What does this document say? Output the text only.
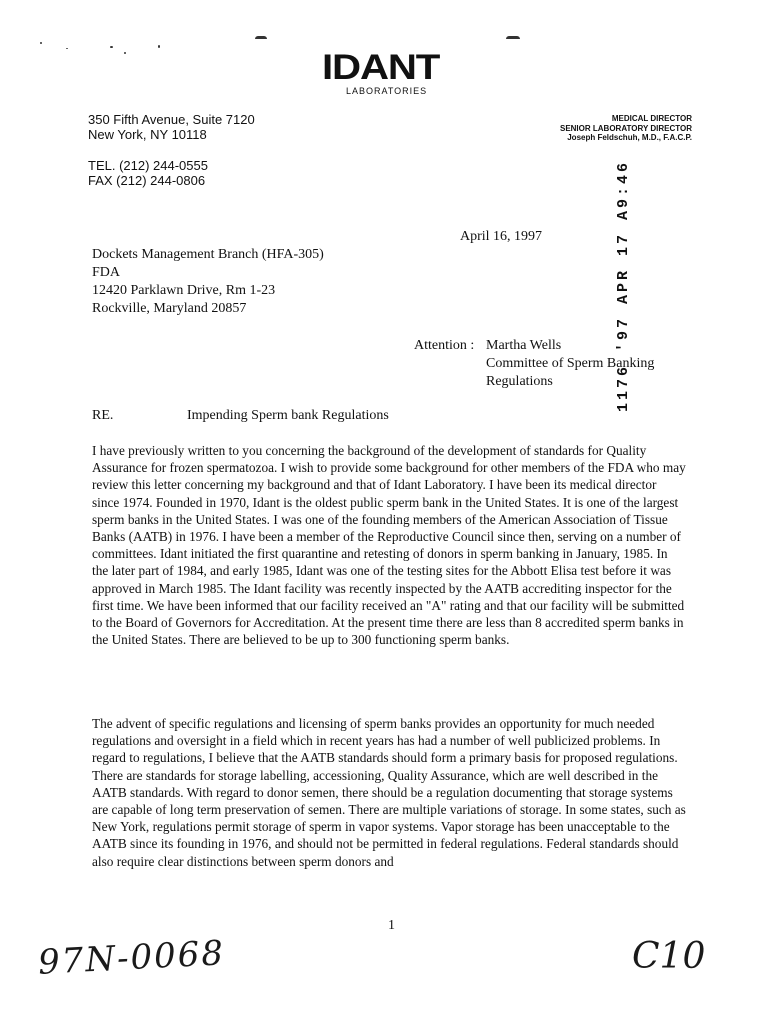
IDANT
LABORATORIES
350 Fifth Avenue, Suite 7120
New York, NY 10118
TEL. (212) 244-0555
FAX (212) 244-0806
MEDICAL DIRECTOR
SENIOR LABORATORY DIRECTOR
Joseph Feldschuh, M.D., F.A.C.P.
1176 '97 APR 17 A9:46
April 16, 1997
Dockets Management Branch (HFA-305)
FDA
12420 Parklawn Drive, Rm 1-23
Rockville, Maryland 20857
Attention : Martha Wells
Committee of Sperm Banking
Regulations
RE.	Impending Sperm bank Regulations
I have previously written to you concerning the background of the development of standards for Quality Assurance for frozen spermatozoa. I wish to provide some background for other members of the FDA who may review this letter concerning my background and that of Idant Laboratory. I have been its medical director since 1974. Founded in 1970, Idant is the oldest public sperm bank in the United States. It is one of the largest sperm banks in the United States. I was one of the founding members of the American Association of Tissue Banks (AATB) in 1976. I have been a member of the Reproductive Council since then, serving on a number of committees. Idant initiated the first quarantine and retesting of donors in sperm banking in January, 1985. In the later part of 1984, and early 1985, Idant was one of the testing sites for the Abbott Elisa test before it was approved in March 1985. The Idant facility was recently inspected by the AATB accrediting inspector for the first time. We have been informed that our facility received an "A" rating and that our facility will be submitted to the Board of Governors for Accreditation. At the present time there are less than 8 accredited sperm banks in the United States. There are believed to be up to 300 functioning sperm banks.
The advent of specific regulations and licensing of sperm banks provides an opportunity for much needed regulations and oversight in a field which in recent years has had a number of well publicized problems. In regard to regulations, I believe that the AATB standards should form a primary basis for proposed regulations. There are standards for storage labelling, accessioning, Quality Assurance, which are well described in the AATB standards. With regard to donor semen, there should be a regulation documenting that storage systems are capable of long term preservation of semen. There are multiple variations of storage. In some states, such as New York, regulations permit storage of sperm in vapor systems. Vapor storage has been unacceptable to the AATB since its founding in 1976, and should not be permitted in federal regulations. Federal standards should also require clear distinctions between sperm donors and
1
97N-0068	C10
